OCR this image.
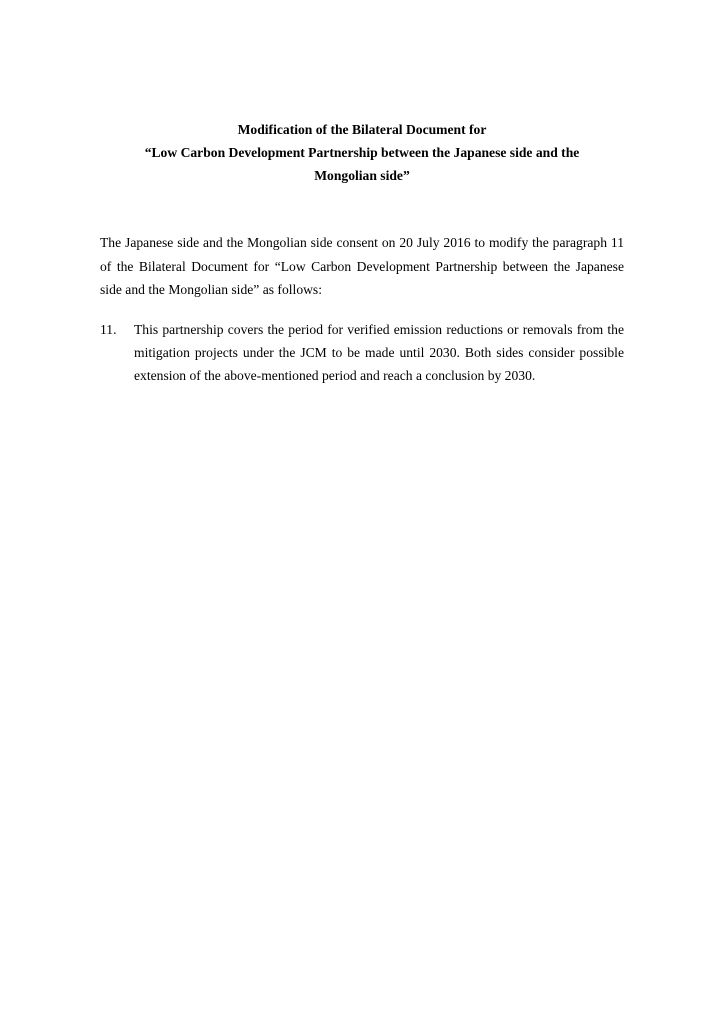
Modification of the Bilateral Document for
“Low Carbon Development Partnership between the Japanese side and the
Mongolian side”

The Japanese side and the Mongolian side consent on 20 July 2016 to modify the paragraph 11 of the Bilateral Document for “Low Carbon Development Partnership between the Japanese side and the Mongolian side” as follows:

11. This partnership covers the period for verified emission reductions or removals from the mitigation projects under the JCM to be made until 2030. Both sides consider possible extension of the above-mentioned period and reach a conclusion by 2030.
